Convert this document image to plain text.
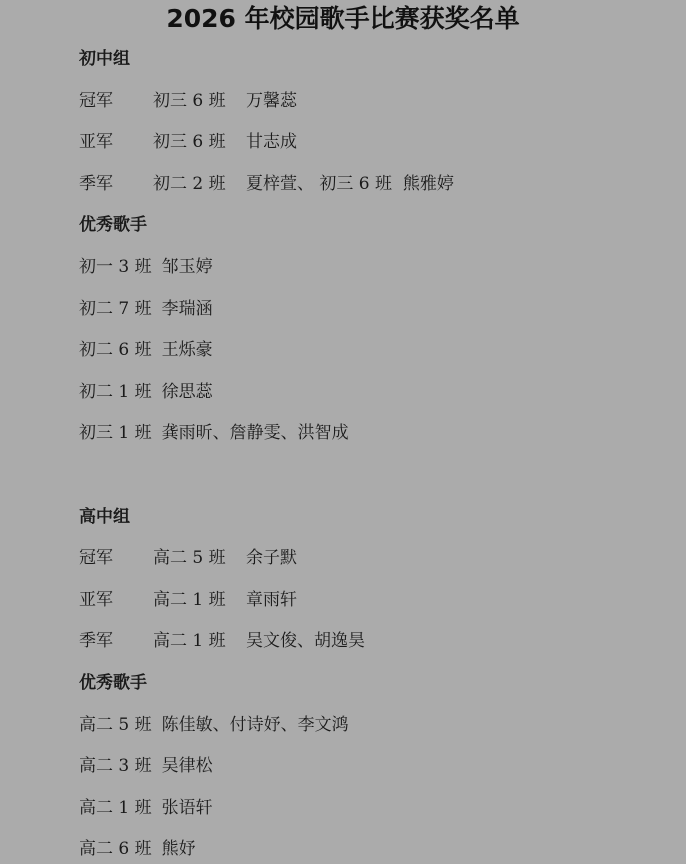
2026 年校园歌手比赛获奖名单
初中组
冠军 初三 6 班 万馨蕊
亚军 初三 6 班 甘志成
季军 初二 2 班 夏梓萱、 初三 6 班  熊雅婷
优秀歌手
初一 3 班 邹玉婷
初二 7 班 李瑞涵
初二 6 班 王烁豪
初二 1 班 徐思蕊
初三 1 班 龚雨昕、詹静雯、洪智成
高中组
冠军 高二 5 班 余子默
亚军 高二 1 班 章雨轩
季军 高二 1 班 吴文俊、胡逸昊
优秀歌手
高二 5 班 陈佳敏、付诗妤、李文鸿
高二 3 班 吴律松
高二 1 班 张语轩
高二 6 班 熊妤
